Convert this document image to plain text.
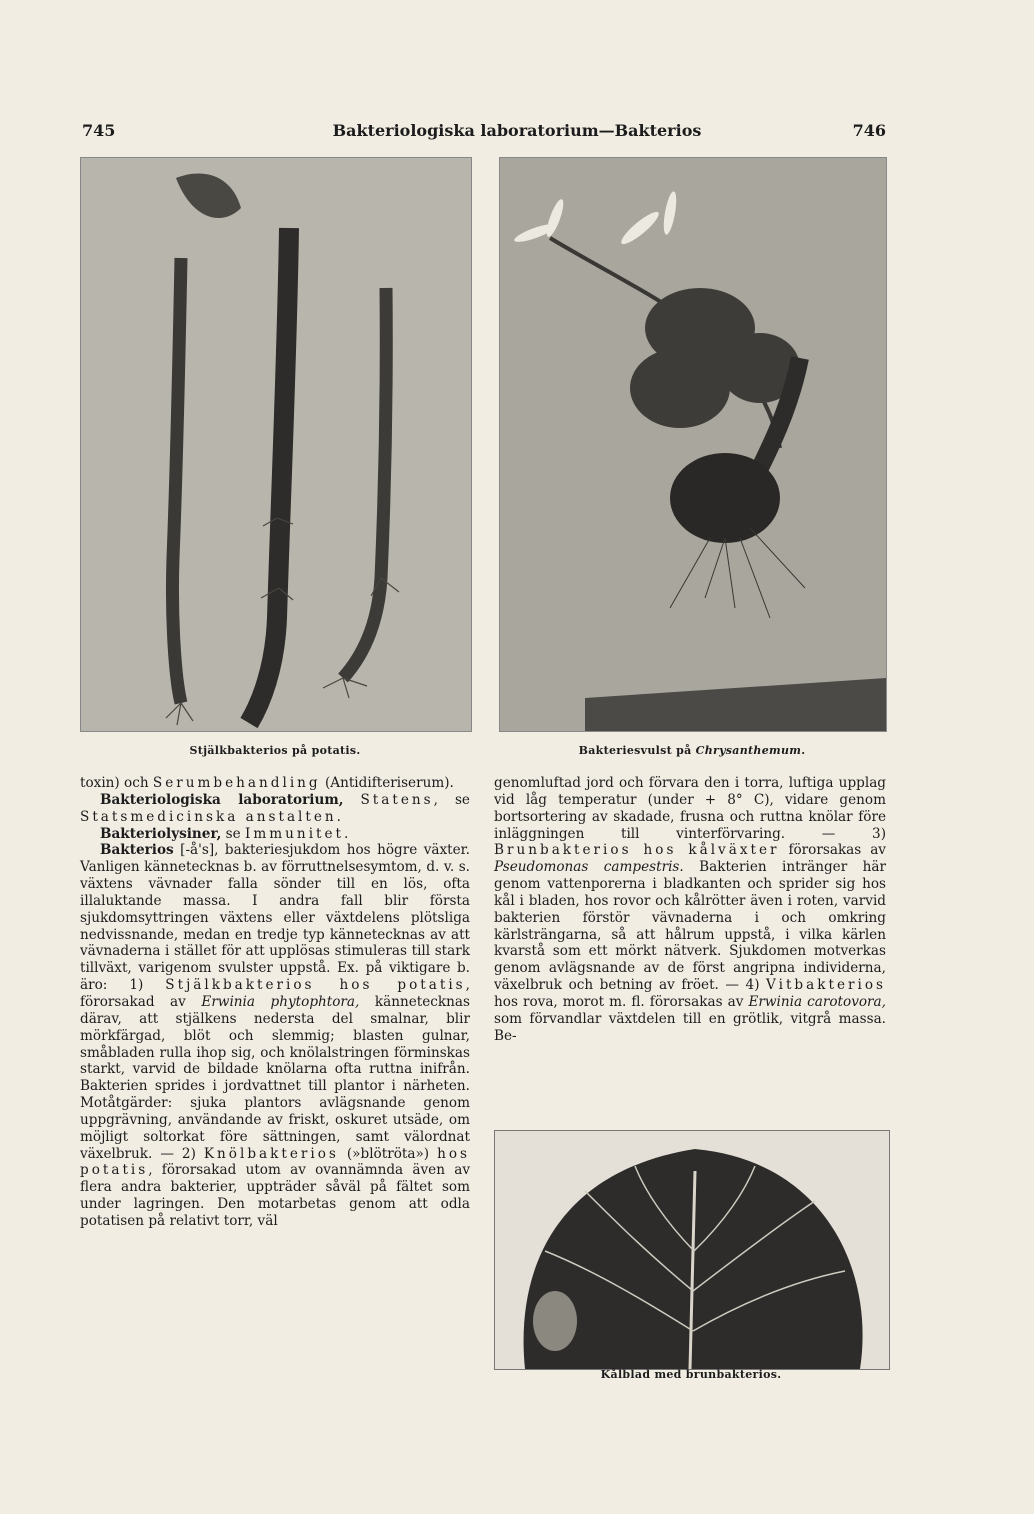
745	Bakteriologiska laboratorium—Bakterios	746
Stjälkbakterios på potatis.	Bakteriesvulst på Chrysanthemum.

toxin) och Serumbehandling (Antidifteriserum).

Bakteriologiska laboratorium, Statens, se Statsmedicinska anstalten.

Bakteriolysiner, se Immunitet.

Bakterios [-å's], bakteriesjukdom hos högre växter. Vanligen kännetecknas b. av förruttnelsesymtom, d. v. s. växtens vävnader falla sönder till en lös, ofta illaluktande massa. I andra fall blir första sjukdomsyttringen växtens eller växtdelens plötsliga nedvissnande, medan en tredje typ kännetecknas av att vävnaderna i stället för att upplösas stimuleras till stark tillväxt, varigenom svulster uppstå. Ex. på viktigare b. äro: 1) Stjälkbakterios hos potatis, förorsakad av Erwinia phytophtora, kännetecknas därav, att stjälkens nedersta del smalnar, blir mörkfärgad, blöt och slemmig; blasten gulnar, småbladen rulla ihop sig, och knölalstringen förminskas starkt, varvid de bildade knölarna ofta ruttna inifrån. Bakterien sprides i jordvattnet till plantor i närheten. Motåtgärder: sjuka plantors avlägsnande genom uppgrävning, användande av friskt, oskuret utsäde, om möjligt soltorkat före sättningen, samt välordnat växelbruk. — 2) Knölbakterios (»blötröta») hos potatis, förorsakad utom av ovannämnda även av flera andra bakterier, uppträder såväl på fältet som under lagringen. Den motarbetas genom att odla potatisen på relativt torr, väl

genomluftad jord och förvara den i torra, luftiga upplag vid låg temperatur (under + 8° C), vidare genom bortsortering av skadade, frusna och ruttna knölar före inläggningen till vinterförvaring. — 3) Brunbakterios hos kålväxter förorsakas av Pseudomonas campestris. Bakterien intränger här genom vattenporerna i bladkanten och sprider sig hos kål i bladen, hos rovor och kålrötter även i roten, varvid bakterien förstör vävnaderna i och omkring kärlsträngarna, så att hålrum uppstå, i vilka kärlen kvarstå som ett mörkt nätverk. Sjukdomen motverkas genom avlägsnande av de först angripna individerna, växelbruk och betning av fröet. — 4) Vitbakterios hos rova, morot m. fl. förorsakas av Erwinia carotovora, som förvandlar växtdelen till en grötlik, vitgrå massa. Be-

Kålblad med brunbakterios.
